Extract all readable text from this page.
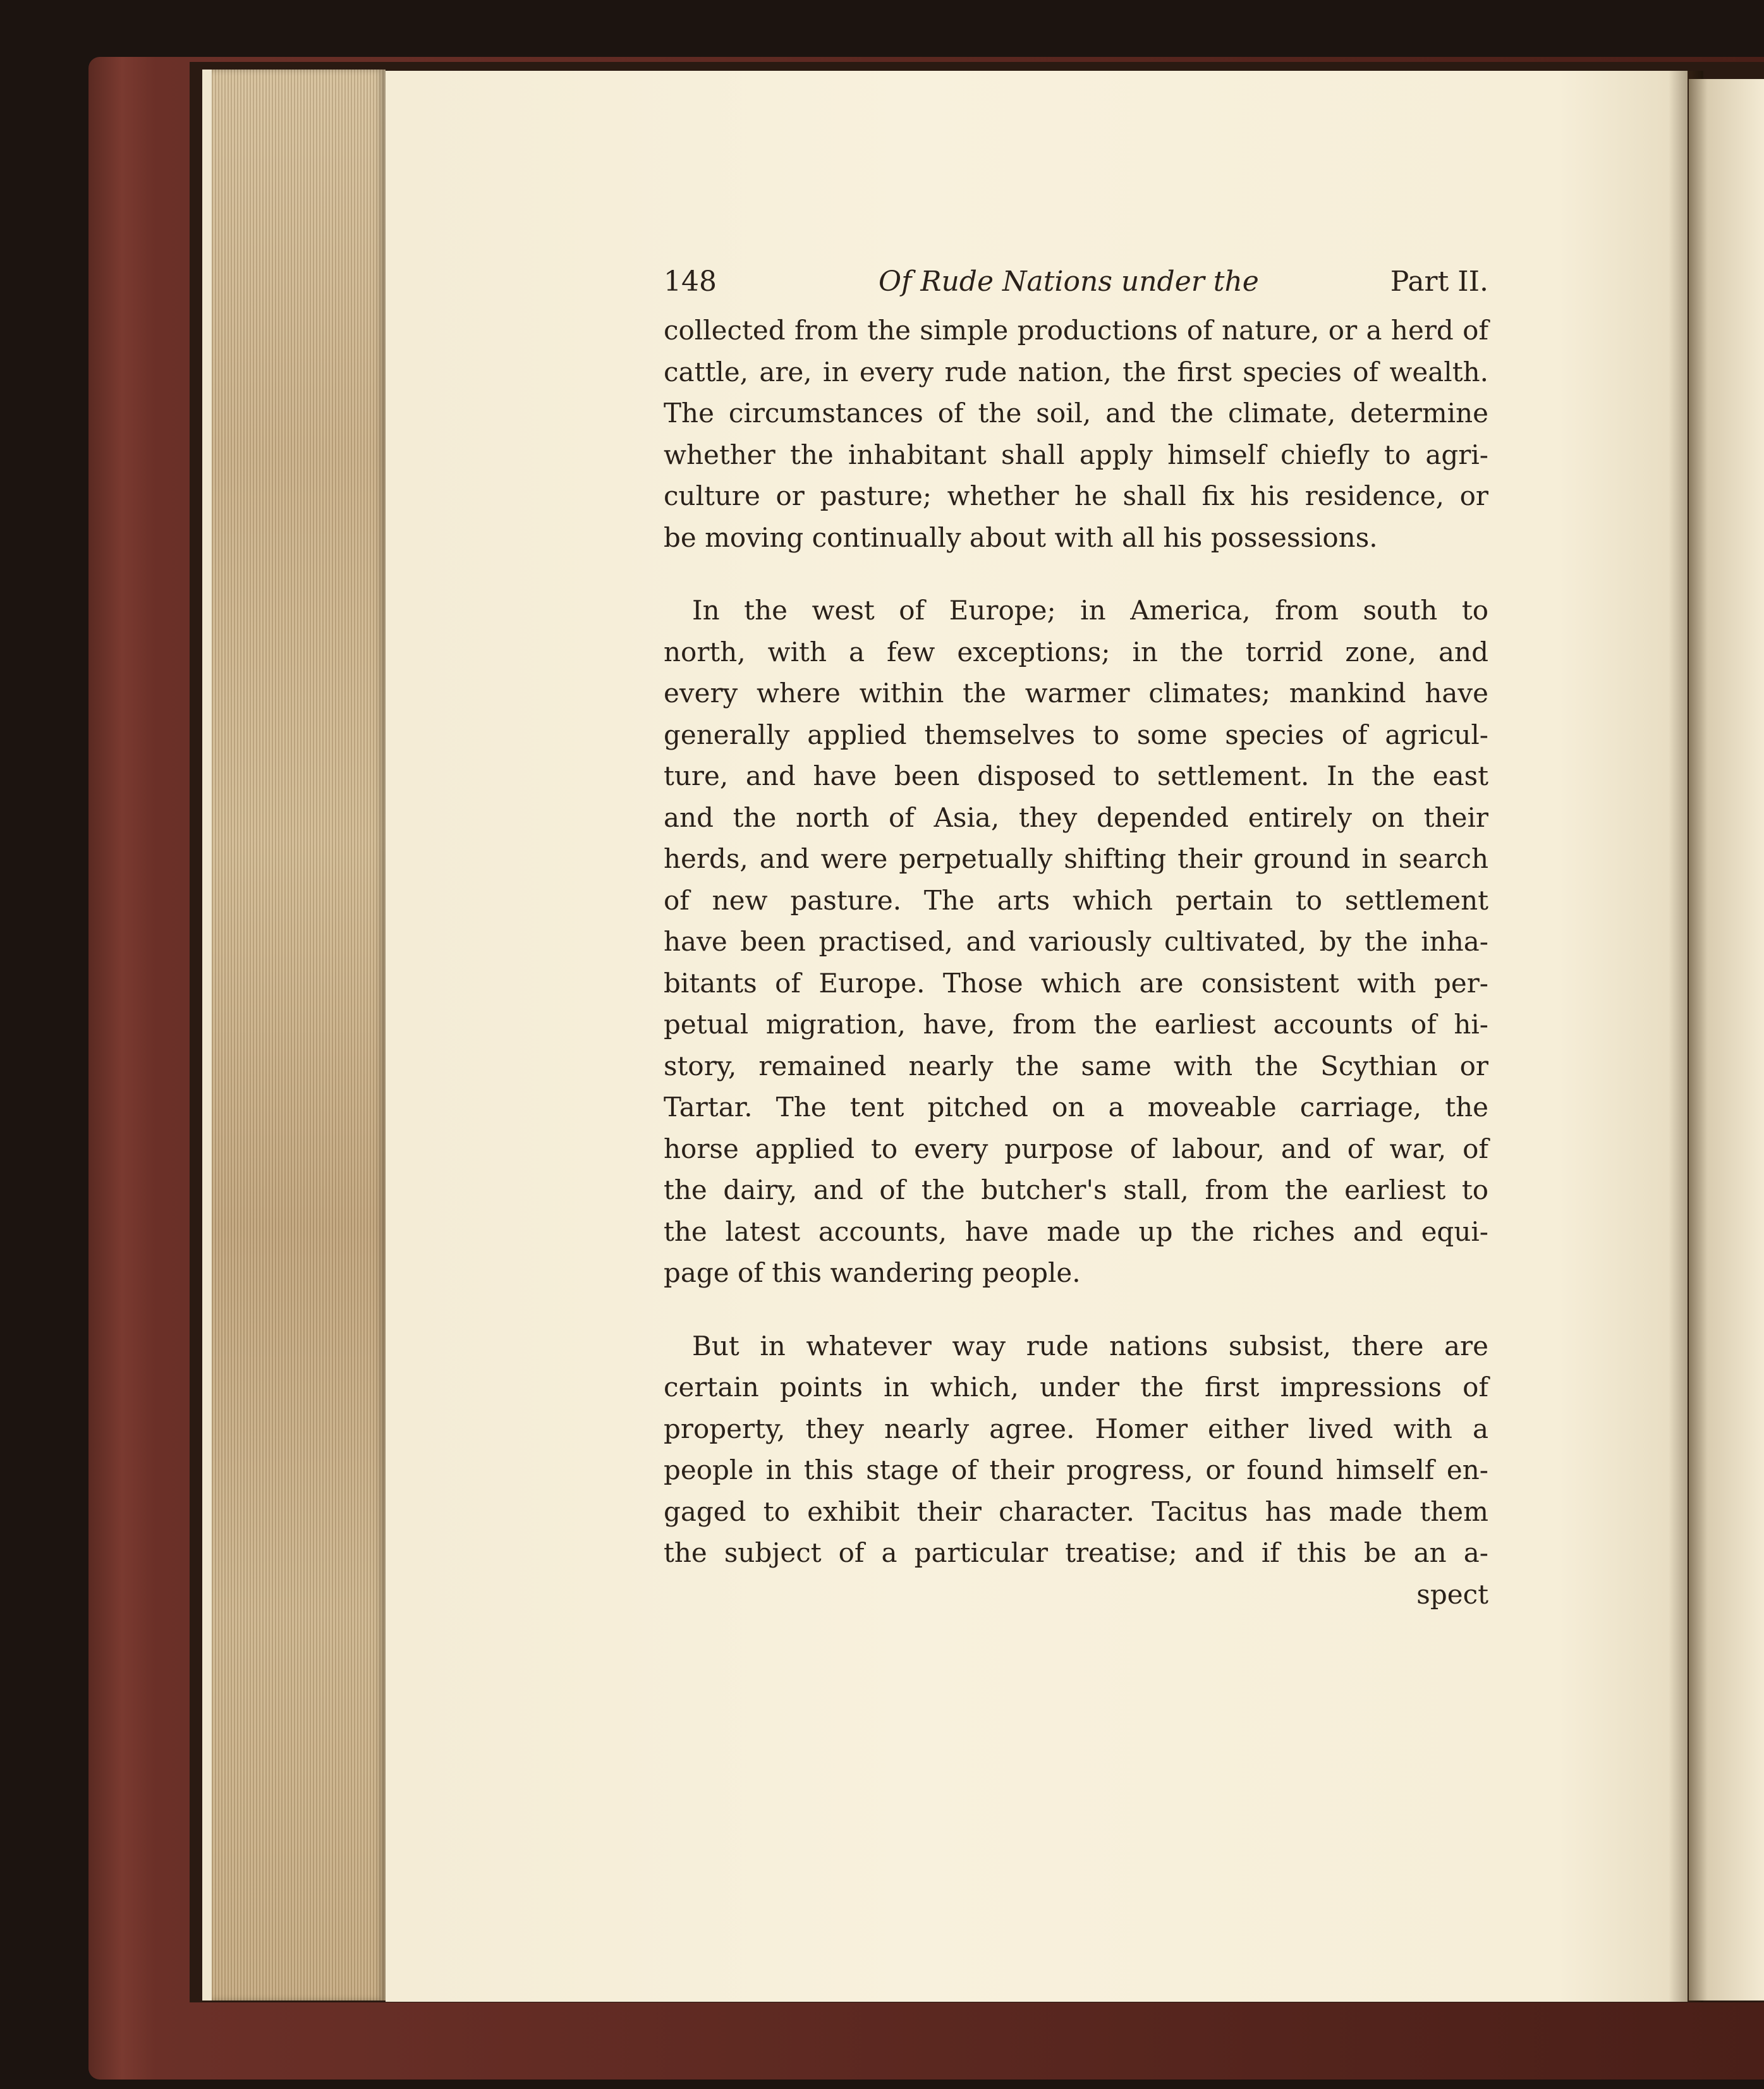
148	Of Rude Nations under the	Part II.
collected from the simple productions of nature, or a herd of
cattle, are, in every rude nation, the first species of wealth.
The circumstances of the soil, and the climate, determine
whether the inhabitant shall apply himself chiefly to agri-
culture or pasture; whether he shall fix his residence, or
be moving continually about with all his possessions.
In the west of Europe; in America, from south to
north, with a few exceptions; in the torrid zone, and
every where within the warmer climates; mankind have
generally applied themselves to some species of agricul-
ture, and have been disposed to settlement. In the east
and the north of Asia, they depended entirely on their
herds, and were perpetually shifting their ground in search
of new pasture. The arts which pertain to settlement
have been practised, and variously cultivated, by the inha-
bitants of Europe. Those which are consistent with per-
petual migration, have, from the earliest accounts of hi-
story, remained nearly the same with the Scythian or
Tartar. The tent pitched on a moveable carriage, the
horse applied to every purpose of labour, and of war, of
the dairy, and of the butcher's stall, from the earliest to
the latest accounts, have made up the riches and equi-
page of this wandering people.
But in whatever way rude nations subsist, there are
certain points in which, under the first impressions of
property, they nearly agree. Homer either lived with a
people in this stage of their progress, or found himself en-
gaged to exhibit their character. Tacitus has made them
the subject of a particular treatise; and if this be an a-
spect
